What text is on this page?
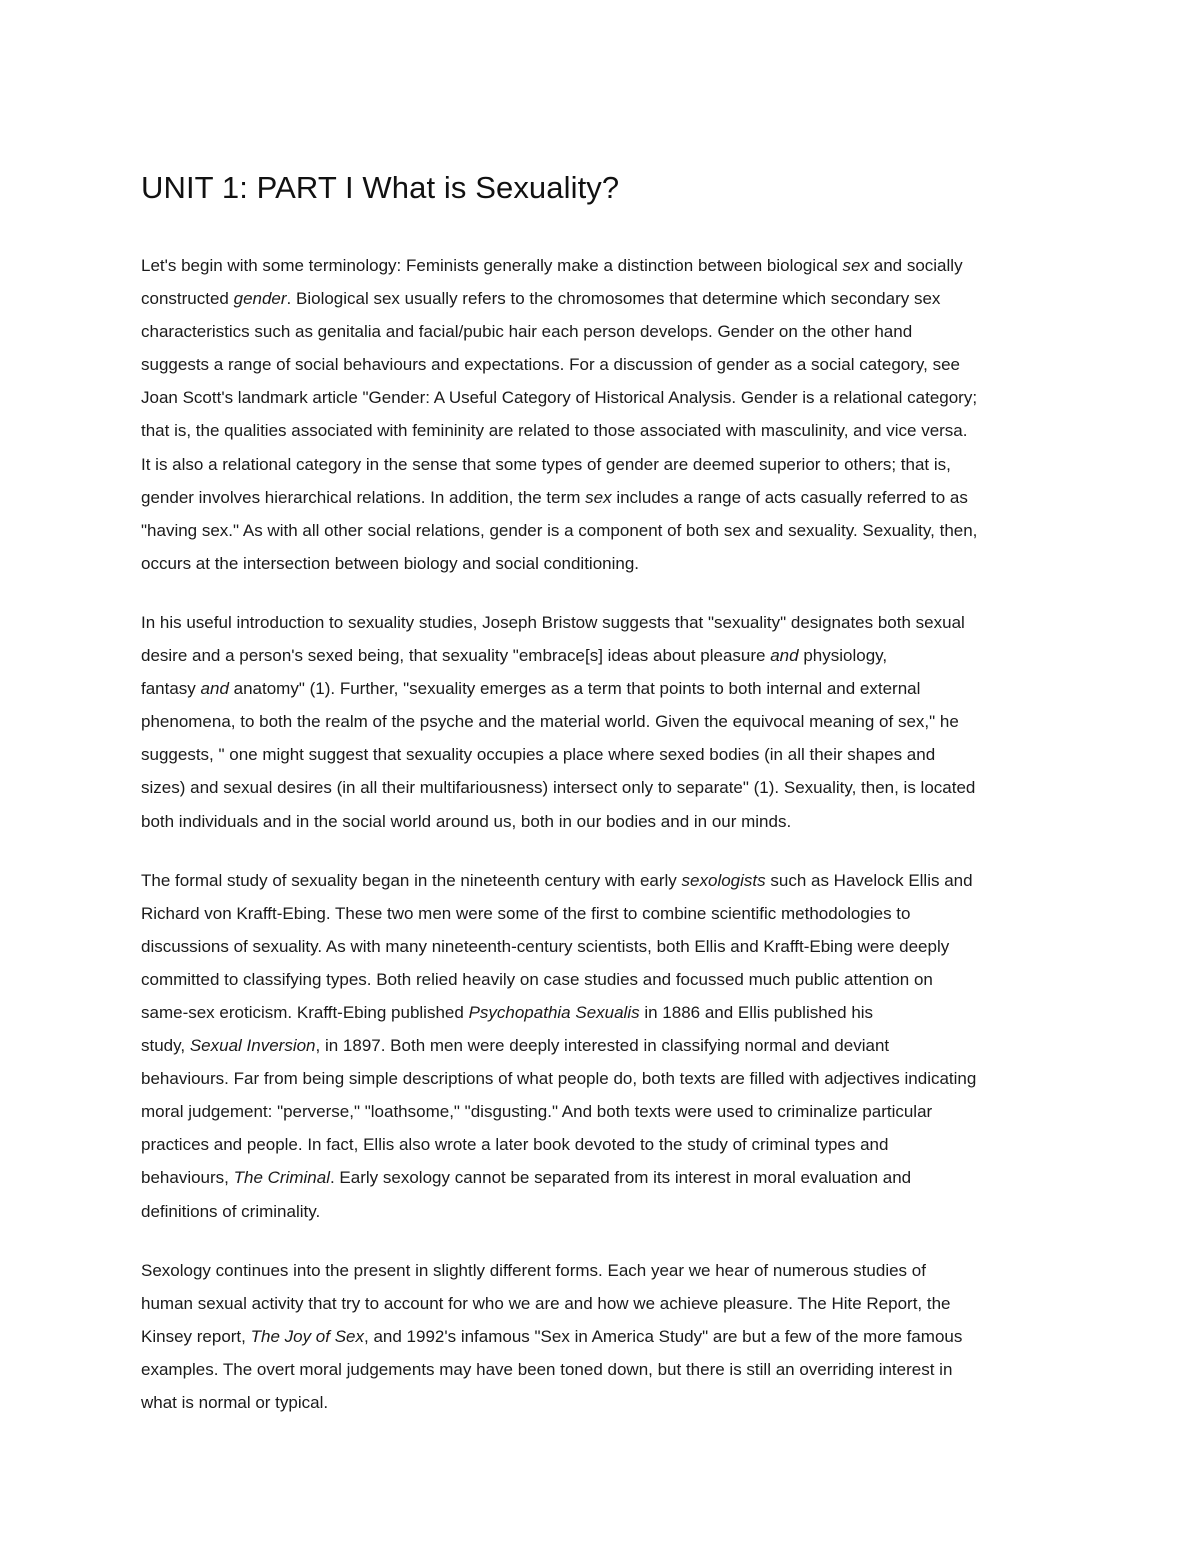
UNIT 1: PART I What is Sexuality?

Let's begin with some terminology: Feminists generally make a distinction between biological sex and socially
constructed gender. Biological sex usually refers to the chromosomes that determine which secondary sex
characteristics such as genitalia and facial/pubic hair each person develops. Gender on the other hand
suggests a range of social behaviours and expectations. For a discussion of gender as a social category, see
Joan Scott's landmark article "Gender: A Useful Category of Historical Analysis. Gender is a relational category;
that is, the qualities associated with femininity are related to those associated with masculinity, and vice versa.
It is also a relational category in the sense that some types of gender are deemed superior to others; that is,
gender involves hierarchical relations. In addition, the term sex includes a range of acts casually referred to as
"having sex." As with all other social relations, gender is a component of both sex and sexuality. Sexuality, then,
occurs at the intersection between biology and social conditioning.

In his useful introduction to sexuality studies, Joseph Bristow suggests that "sexuality" designates both sexual
desire and a person's sexed being, that sexuality "embrace[s] ideas about pleasure and physiology,
fantasy and anatomy" (1). Further, "sexuality emerges as a term that points to both internal and external
phenomena, to both the realm of the psyche and the material world. Given the equivocal meaning of sex," he
suggests, " one might suggest that sexuality occupies a place where sexed bodies (in all their shapes and
sizes) and sexual desires (in all their multifariousness) intersect only to separate" (1). Sexuality, then, is located
both individuals and in the social world around us, both in our bodies and in our minds.

The formal study of sexuality began in the nineteenth century with early sexologists such as Havelock Ellis and
Richard von Krafft-Ebing. These two men were some of the first to combine scientific methodologies to
discussions of sexuality. As with many nineteenth-century scientists, both Ellis and Krafft-Ebing were deeply
committed to classifying types. Both relied heavily on case studies and focussed much public attention on
same-sex eroticism. Krafft-Ebing published Psychopathia Sexualis in 1886 and Ellis published his
study, Sexual Inversion, in 1897. Both men were deeply interested in classifying normal and deviant
behaviours. Far from being simple descriptions of what people do, both texts are filled with adjectives indicating
moral judgement: "perverse," "loathsome," "disgusting." And both texts were used to criminalize particular
practices and people. In fact, Ellis also wrote a later book devoted to the study of criminal types and
behaviours, The Criminal. Early sexology cannot be separated from its interest in moral evaluation and
definitions of criminality.

Sexology continues into the present in slightly different forms. Each year we hear of numerous studies of
human sexual activity that try to account for who we are and how we achieve pleasure. The Hite Report, the
Kinsey report, The Joy of Sex, and 1992's infamous "Sex in America Study" are but a few of the more famous
examples. The overt moral judgements may have been toned down, but there is still an overriding interest in
what is normal or typical.
